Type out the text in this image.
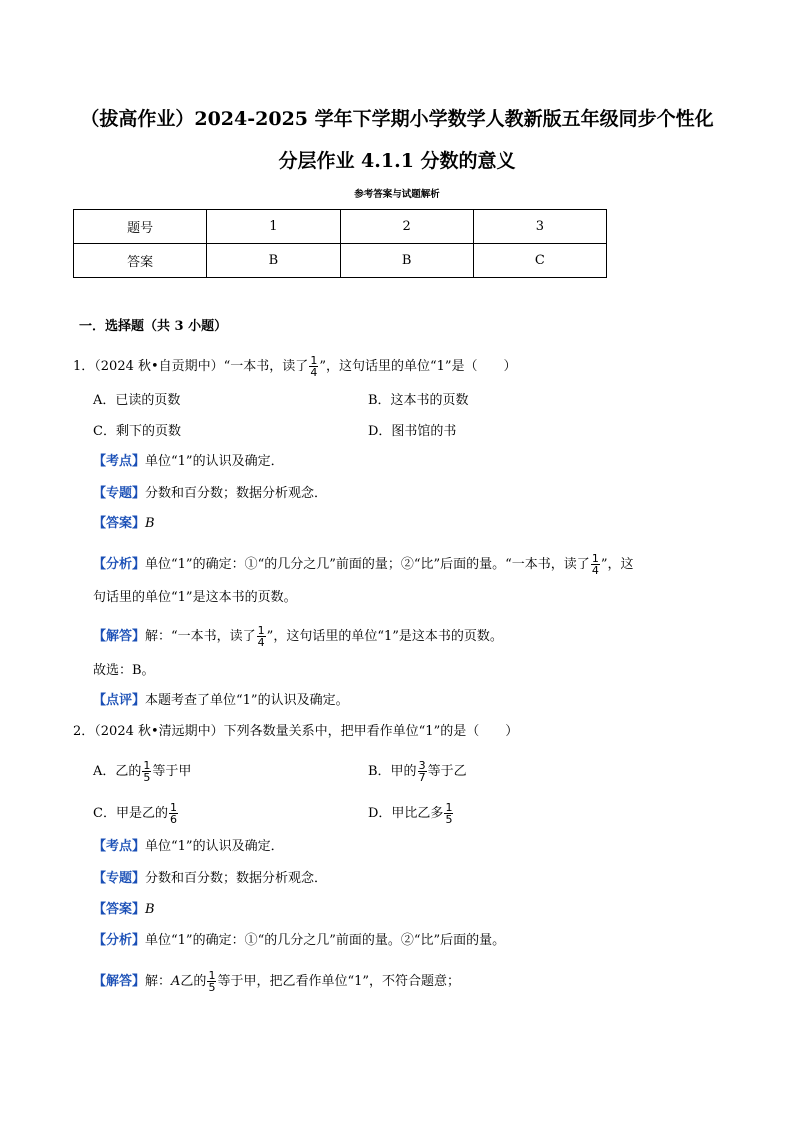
（拔高作业）2024-2025 学年下学期小学数学人教新版五年级同步个性化
分层作业 4.1.1 分数的意义
参考答案与试题解析
题号	1	2	3
答案	B	B	C
一．选择题（共 3 小题）
1．（2024 秋•自贡期中）“一本书，读了 $\frac{1}{4}$ ”，这句话里的单位“1”是（　　）
A．已读的页数	B．这本书的页数
C．剩下的页数	D．图书馆的书
【考点】单位“1”的认识及确定．
【专题】分数和百分数；数据分析观念．
【答案】B
【分析】单位“1”的确定：①“的几分之几”前面的量；②“比”后面的量。“一本书，读了 $\frac{1}{4}$ ”，这
句话里的单位“1”是这本书的页数。
【解答】解：“一本书，读了 $\frac{1}{4}$ ”，这句话里的单位“1”是这本书的页数。
故选：B。
【点评】本题考查了单位“1”的认识及确定。
2．（2024 秋•清远期中）下列各数量关系中，把甲看作单位“1”的是（　　）
A．乙的 $\frac{1}{5}$ 等于甲	B．甲的 $\frac{3}{7}$ 等于乙
C．甲是乙的 $\frac{1}{6}$	D．甲比乙多 $\frac{1}{5}$
【考点】单位“1”的认识及确定．
【专题】分数和百分数；数据分析观念．
【答案】B
【分析】单位“1”的确定：①“的几分之几”前面的量。②“比”后面的量。
【解答】解：A乙的 $\frac{1}{5}$ 等于甲，把乙看作单位“1”，不符合题意；
